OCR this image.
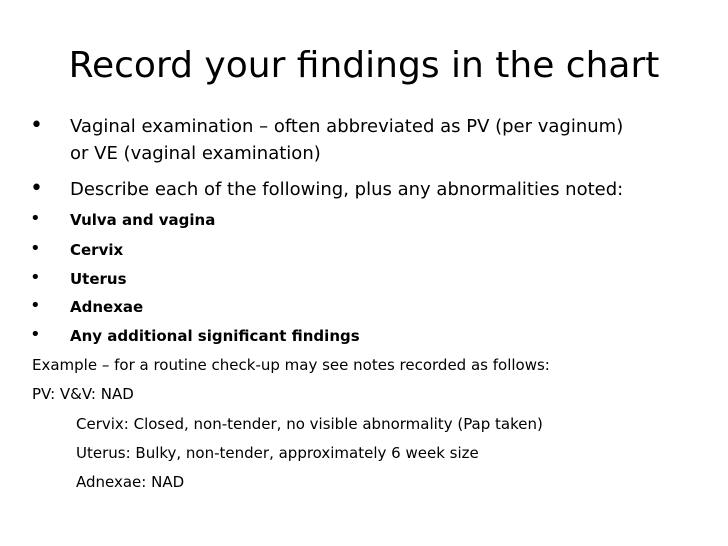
Record your findings in the chart
• Vaginal examination – often abbreviated as PV (per vaginum)
or VE (vaginal examination)
• Describe each of the following, plus any abnormalities noted:
• Vulva and vagina
• Cervix
• Uterus
• Adnexae
• Any additional significant findings
Example – for a routine check-up may see notes recorded as follows:
PV: V&V: NAD
Cervix: Closed, non-tender, no visible abnormality (Pap taken)
Uterus: Bulky, non-tender, approximately 6 week size
Adnexae: NAD
